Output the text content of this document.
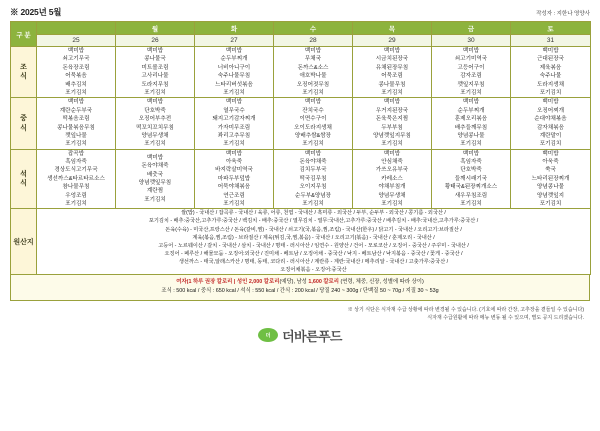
※ 2025년 5월	작성자 : 지한나 영양사
구 분		월	화	수	목	금	토
	25	26	27	28	29	30	31

조
식

백미밥
쇠고기무국
돈육장조림
어묵볶음
배추김치
포기김치

백미밥
콩나물국
미트볼조림
고사리나물
도라지무침
포기김치

백미밥
순두부찌개
너비아니구이
숙주나물무침
느타리버섯볶음
포기김치

백미밥
무채국
돈까스&소스
애호박나물
오징어젓무침
포기김치

백미밥
시금치된장국
유채된장무침
어묵조림
콩나물무침
포기김치

백미밥
쇠고기미역국
고등어구이
감자조림
깻잎지무침
포기김치

백미밥
근대된장국
제육볶음
숙주나물
도라지생채
포기김치

중
식

백미밥
계란순두부국
떡볶음조림
콩나물볶음무침
깻잎나물
포기김치

백미밥
단호박죽
오징어부추전
떡꼬치꼬치무침
양념무생채
포기김치

백미밥
열무국수
돼지고기감자찌개
가자미무조림
꽈리고추무침
포기김치

백미밥
잔치국수
이면수구이
오이도라지생채
양배추쌈&쌈장
포기김치

백미밥
우거지된장국
돈육묵은지찜
두부부침
양념깻잎지무침
포기김치

백미밥
순두부찌개
훈제오리볶음
배추들깨무침
양념콩나물
포기김치

백미밥
오징어찌개
순대야채볶음
감자채볶음
계란말이
포기김치

석
식

잡곡밥
흑임자죽
경상도식고기무국
생선까스&타르타르소스
참나물무침
우엉조림
포기김치

백미밥
돈육야채죽
배춧국
양념깻잎무침
계란찜
포기김치

백미밥
아욱죽
바지락살미역국
마파두부덮밥
어묵야채볶음
연근조림
포기김치

백미밥
돈육야채죽
김치두부국
떡국김무침
오이지무침
순두부&양념장
포기김치

백미밥
안심채죽
가쓰오유부국
카레소스
야채부침개
양념무생채
포기김치

백미밥
흑임자죽
단호박죽
들깨시래기국
황태국&된장찌개소스
새우무침조림
포기김치

백미밥
아욱죽
쑥국
느타리된장찌개
양념콩나물
양념깻잎지
포기김치

원산지	
쌀(밥) - 국내산 / 잡곡류 - 국내산 / 육류, 어류, 천엽 - 국내산 / 흑미류 - 외국산 / 두부, 순두부 - 외국산 / 콩기름 - 외국산 /
포기김치 - 배추:중국산,고추가루:중국산 / 백김치 - 배추:중국산 / 열무김치 - 열무:국내산,고추가루:중국산 / 배추김치 - 배추:국내산,고추가루:중국산 /
돈육(수육) - 미국산,프랑스산 / 돈육(갈비,찜) - 국내산 / 쇠고기(국,볶음,찜,조림) - 국내산(한우) / 닭고기 - 국내산 / 오리고기:브라질산 /
계육(볶음,찜,조림) - 브라질산 / 계육(튀김,국,찜,볶음) - 국내산 / 오리고기(볶음) - 국내산 / 훈제오리 - 국내산 /
고등어 - 노르웨이산 / 갈치 - 국내산 / 삼치 - 국내산 / 명태 - 러시아산 / 임연수 - 원양산 / 건어 - 모로코산 / 오징어 - 중국산 / 주꾸미 - 국내산 /
오징어 - 페루산 / 해물모둠 - 오징어:외국산 / 진미채 - 베트남 / 오징어채 - 중국산 / 낙지 - 베트남산 / 낙지볶음 - 중국산 / 꽃게 - 중국산 /
생선까스 - 태국,알래스카산 / 명태, 동태, 코다리 - 러시아산 / 계란류 - 계란:국내산 / 메추리알 - 국내산 / 고춧가루:중국산 /
오징어채볶음 - 오징어:중국산
여자(1 하루 권장 칼로리 | 성인 2,000 칼로리(예당), 남성 1,600 칼로리 (연령, 체중, 신장, 성별에 따라 상이)
조식 : 500 kcal / 중식 : 650 kcal / 석식 : 550 kcal / 간식 : 200 kcal / 당질 240 ~ 300g / 단백질 50 ~ 70g / 지질 30 ~ 53g
※ 상기 식단은 식자재 수급 상황에 따라 변경될 수 있습니다. (기호에 따라 간장, 고추장을 곁들일 수 있습니다)
식자재 수급원활에 따라 메뉴 변동 될 수 있으며, 별도 공지 드리겠습니다.
더 더바른푸드
